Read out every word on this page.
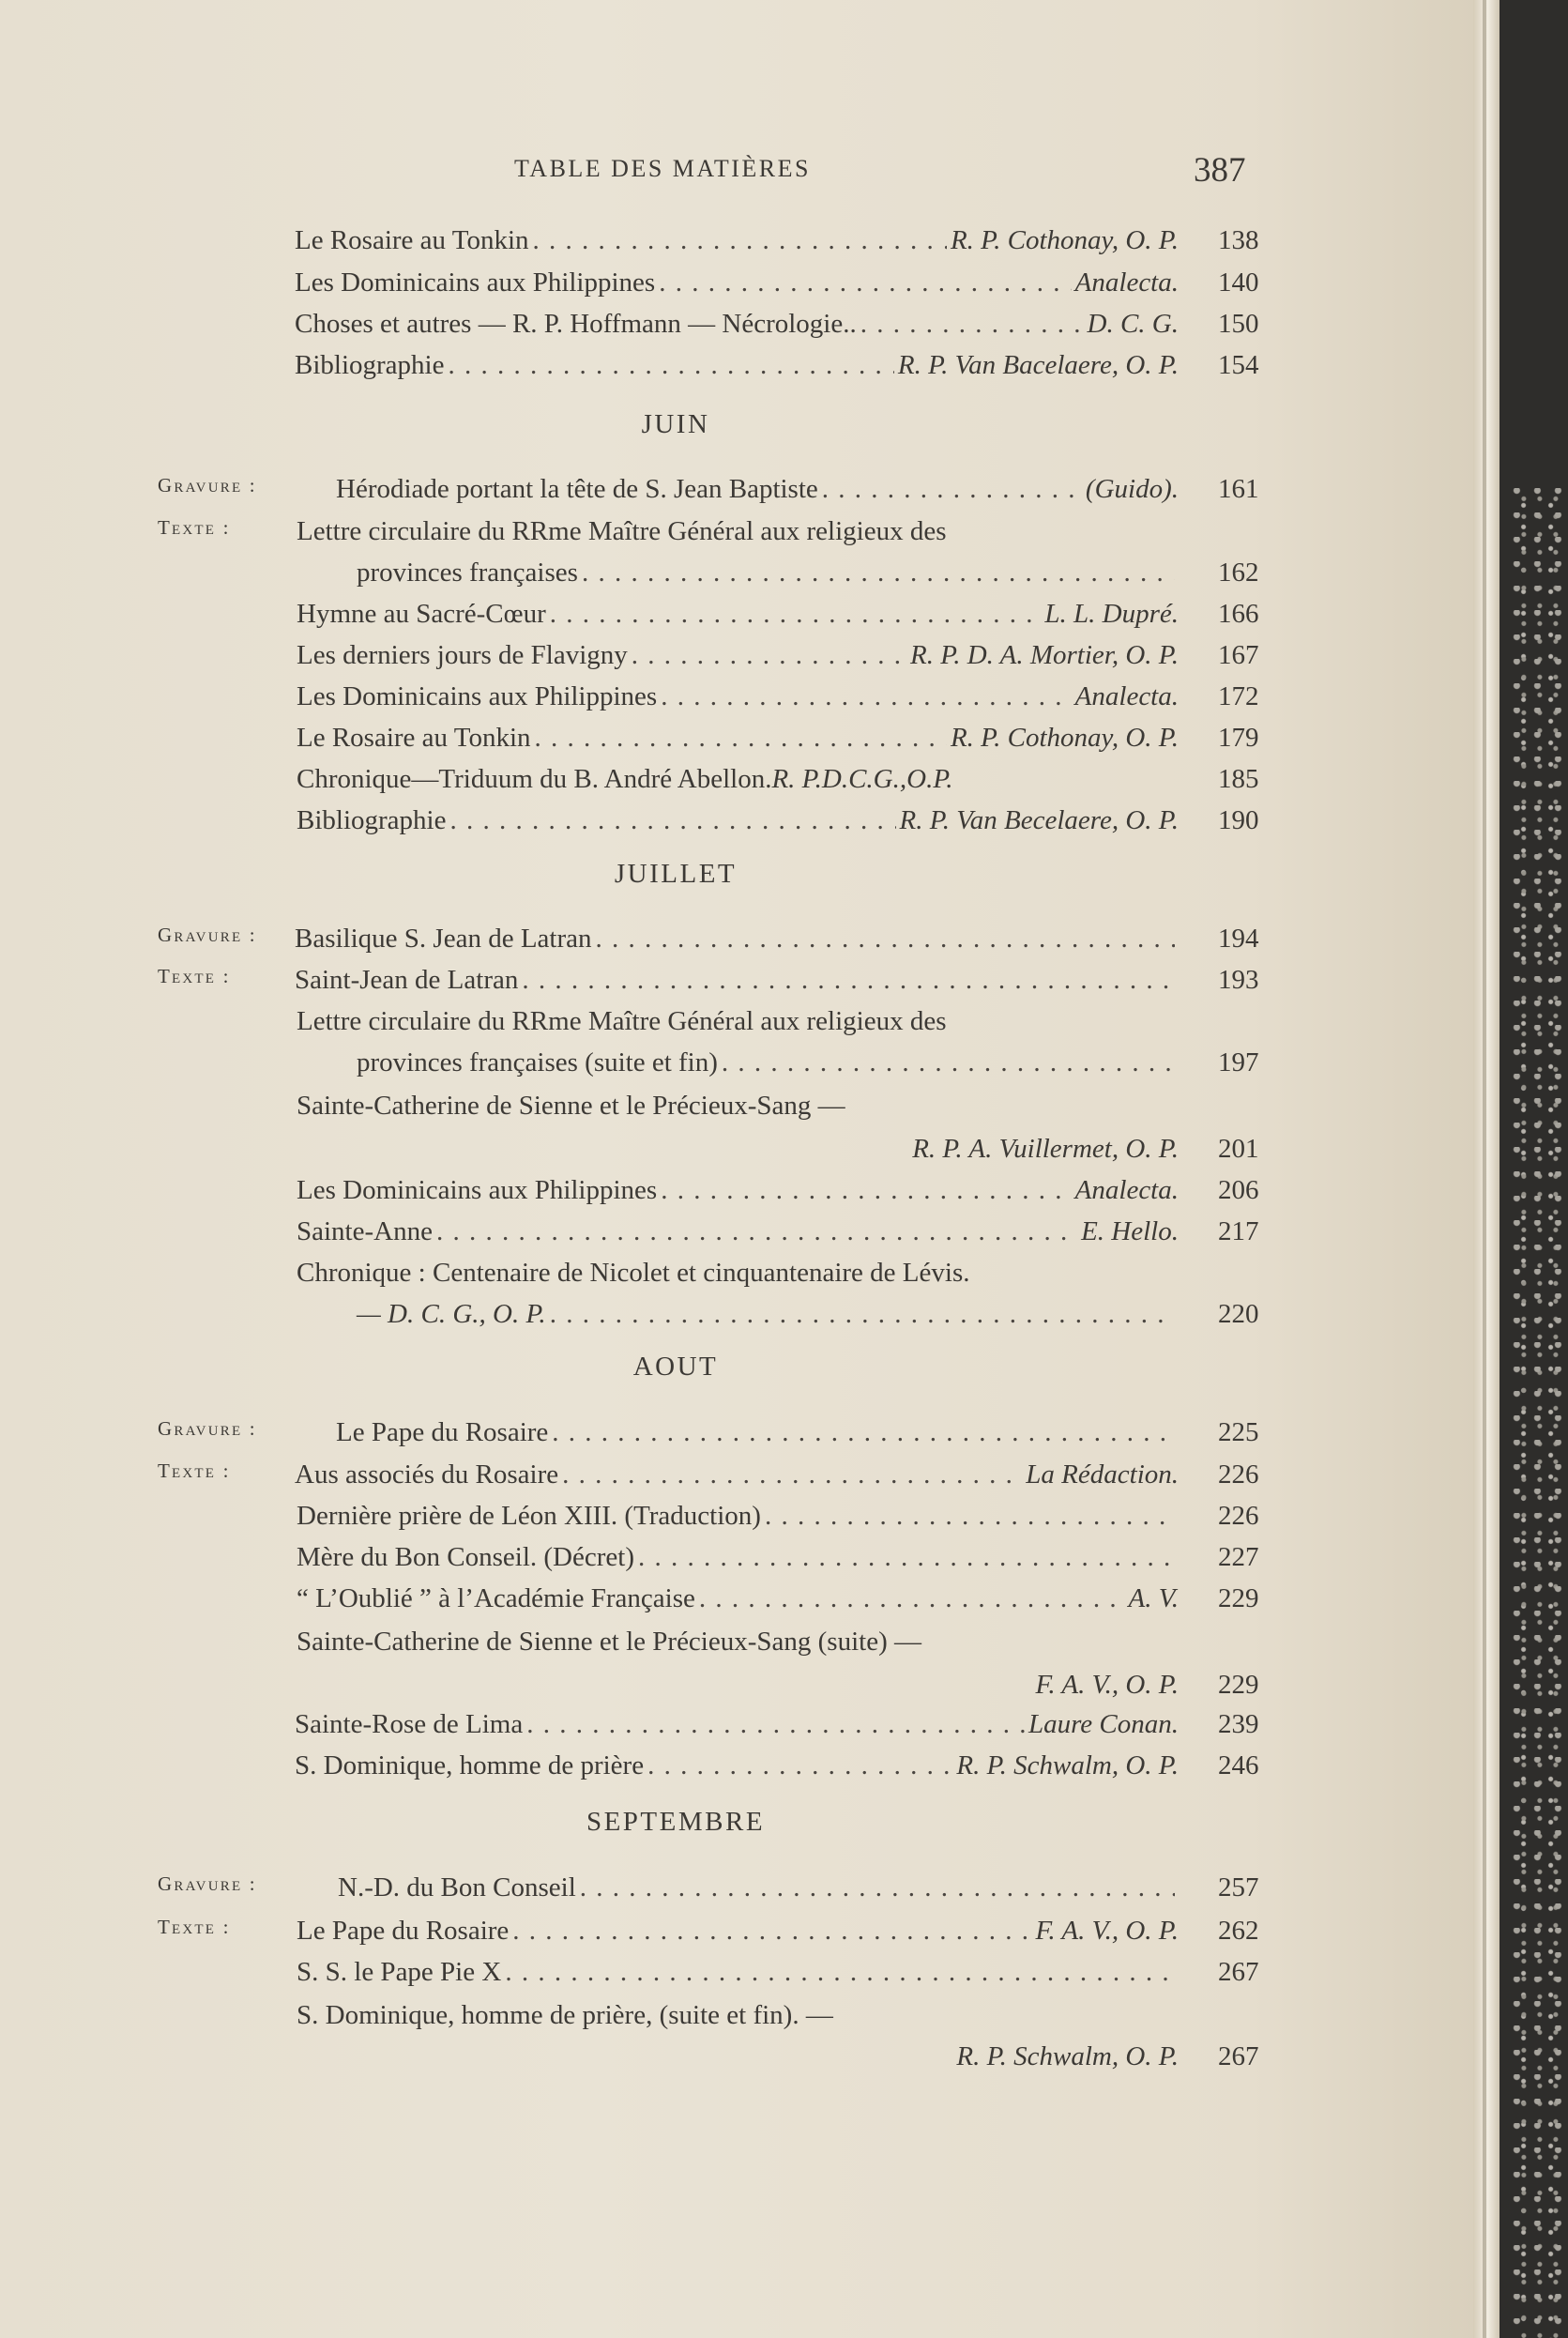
TABLE DES MATIÈRES	387
Le Rosaire au Tonkin . . .	R. P. Cothonay, O. P. 138
Les Dominicains aux Philippines . . .	Analecta. 140
Choses et autres — R. P. Hoffmann — Nécrologie.. . . .	D. C. G. 150
Bibliographie . . .	R. P. Van Bacelaere, O. P. 154
JUIN
Gravure :	Hérodiade portant la tête de S. Jean Baptiste . . .	(Guido). 161
Texte : Lettre circulaire du RRme Maître Général aux religieux des
provinces françaises . . .	162
Hymne au Sacré-Cœur . . .	L. L. Dupré. 166
Les derniers jours de Flavigny . . .	R. P. D. A. Mortier, O. P. 167
Les Dominicains aux Philippines . . .	Analecta. 172
Le Rosaire au Tonkin . . .	R. P. Cothonay, O. P. 179
Chronique—Triduum du B. André Abellon. R. P.D.C.G.,O.P.	185
Bibliographie . . .	R. P. Van Becelaere, O. P. 190
JUILLET
Gravure : Basilique S. Jean de Latran . . .	194
Texte : Saint-Jean de Latran . . .	193
Lettre circulaire du RRme Maître Général aux religieux des
provinces françaises (suite et fin) . . .	197
Sainte-Catherine de Sienne et le Précieux-Sang —
R. P. A. Vuillermet, O. P. 201
Les Dominicains aux Philippines . . .	Analecta. 206
Sainte-Anne . . .	E. Hello. 217
Chronique : Centenaire de Nicolet et cinquantenaire de Lévis.
— D. C. G., O. P. . . .	220
AOUT
Gravure :	Le Pape du Rosaire . . .	225
Texte : Aus associés du Rosaire . . .	La Rédaction. 226
Dernière prière de Léon XIII. (Traduction) . . .	226
Mère du Bon Conseil. (Décret) . . .	227
“ L’Oublié ” à l’Académie Française . . .	A. V. 229
Sainte-Catherine de Sienne et le Précieux-Sang (suite) —
F. A. V., O. P. 229
Sainte-Rose de Lima . . .	Laure Conan. 239
S. Dominique, homme de prière . . .	R. P. Schwalm, O. P. 246
SEPTEMBRE
Gravure :	N.-D. du Bon Conseil . . .	257
Texte : Le Pape du Rosaire . . .	F. A. V., O. P. 262
S. S. le Pape Pie X . . .	267
S. Dominique, homme de prière, (suite et fin). —
R. P. Schwalm, O. P. 267
